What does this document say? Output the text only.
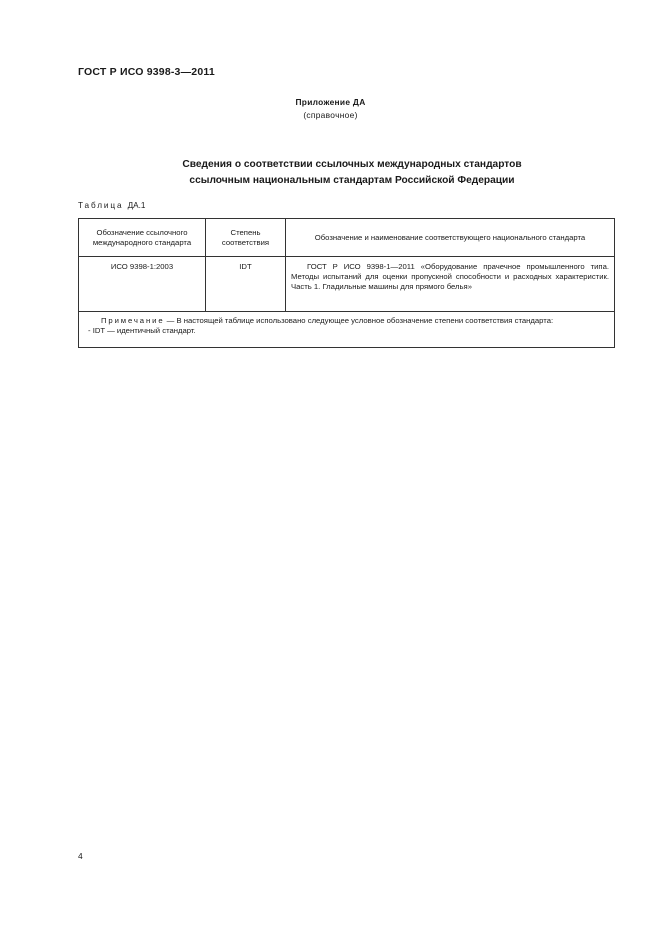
ГОСТ Р ИСО 9398-3—2011
Приложение ДА
(справочное)
Сведения о соответствии ссылочных международных стандартов
ссылочным национальным стандартам Российской Федерации
Таблица ДА.1
Обозначение ссылочного международного стандарта	Степень соответствия	Обозначение и наименование соответствующего национального стандарта
ИСО 9398-1:2003	IDT	ГОСТ Р ИСО 9398-1—2011 «Оборудование прачечное промышленного типа. Методы испытаний для оценки пропускной способности и расходных характеристик. Часть 1. Гладильные машины для прямого белья»

Примечание — В настоящей таблице использовано следующее условное обозначение степени соответствия стандарта:
- IDT — идентичный стандарт.		
4
